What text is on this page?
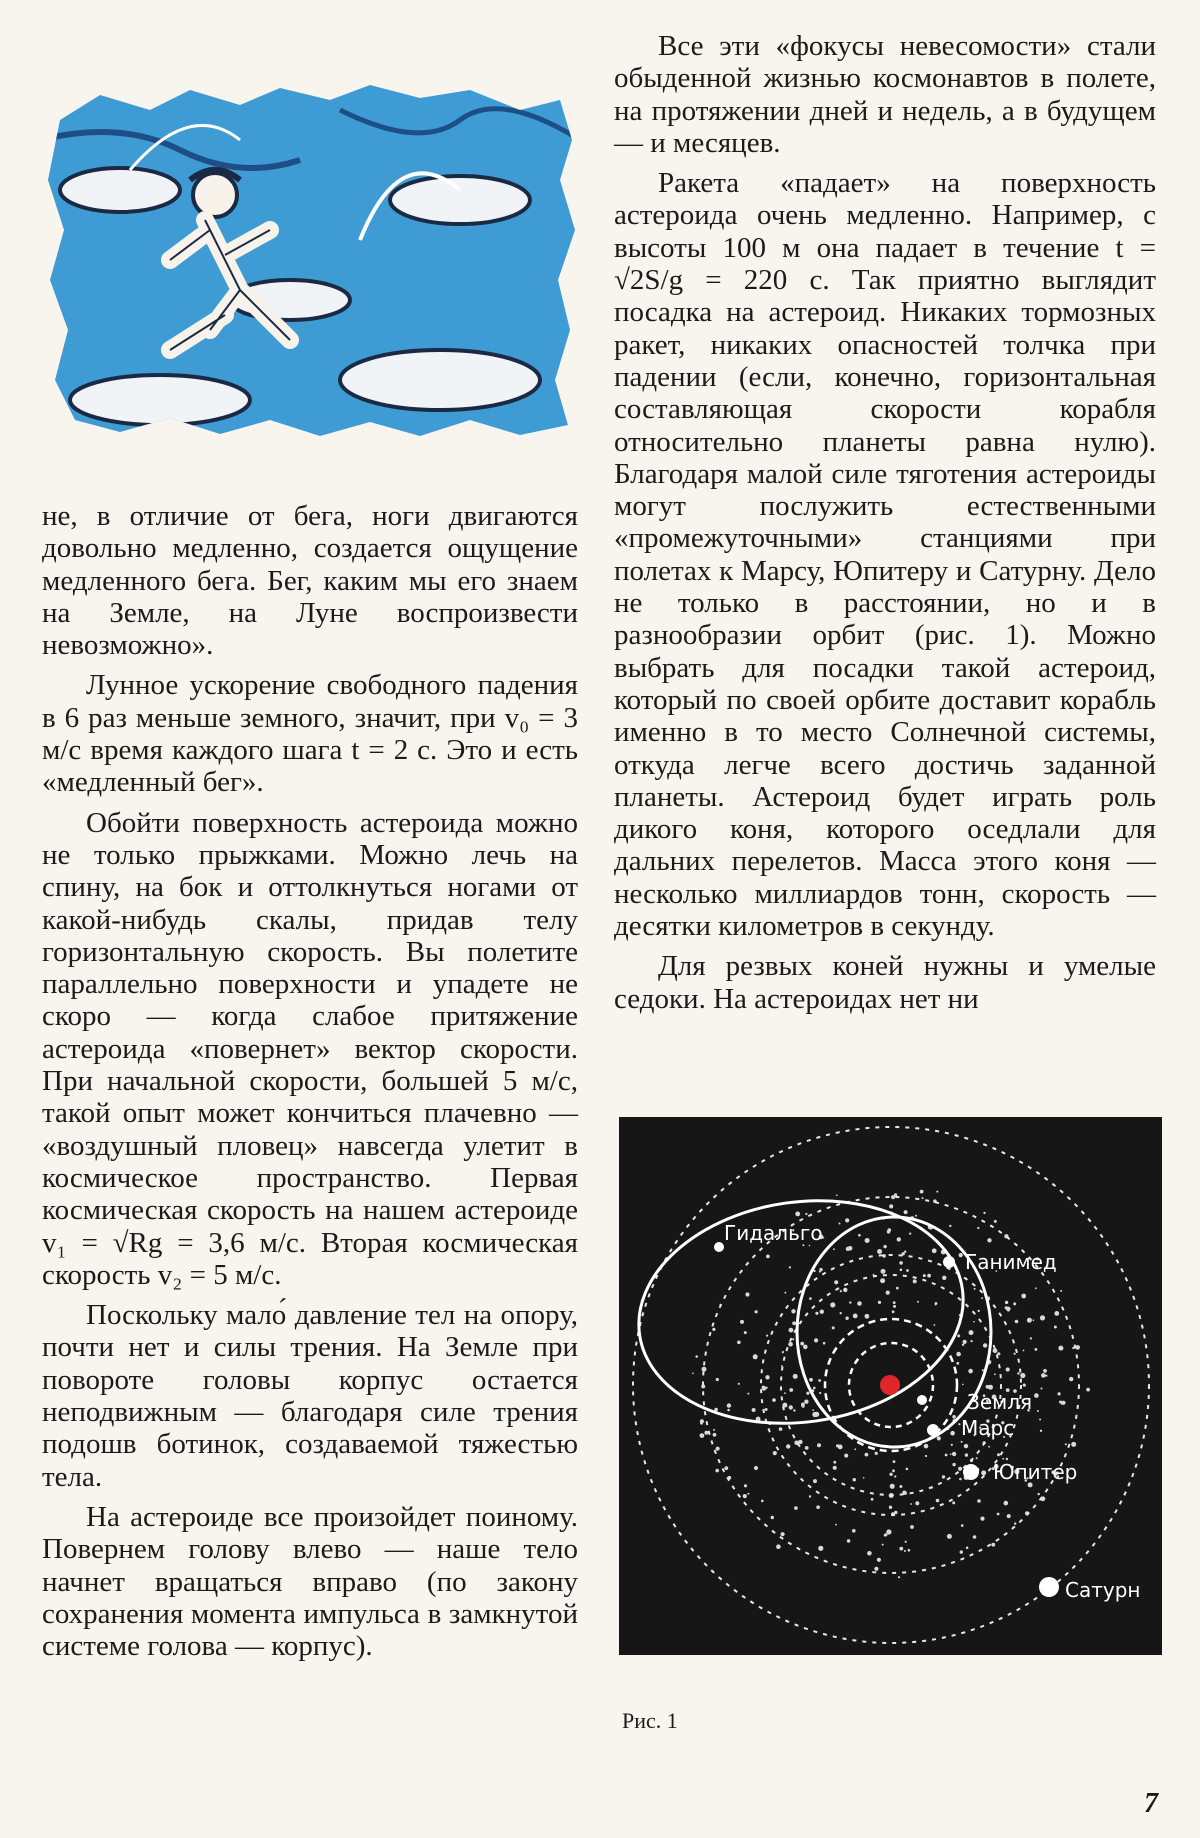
не, в отличие от бега, ноги двигаются довольно медленно, создается ощущение медленного бега. Бег, каким мы его знаем на Земле, на Луне воспроизвести невозможно».

Лунное ускорение свободного падения в 6 раз меньше земного, значит, при v₀ = 3 м/с время каждого шага t = 2 с. Это и есть «медленный бег».

Обойти поверхность астероида можно не только прыжками. Можно лечь на спину, на бок и оттолкнуться ногами от какой-нибудь скалы, придав телу горизонтальную скорость. Вы полетите параллельно поверхности и упадете не скоро — когда слабое притяжение астероида «повернет» вектор скорости. При начальной скорости, большей 5 м/с, такой опыт может кончиться плачевно — «воздушный пловец» навсегда улетит в космическое пространство. Первая космическая скорость на нашем астероиде v₁ = √Rg = 3,6 м/с. Вторая космическая скорость v₂ = 5 м/с.

Поскольку мало́ давление тел на опору, почти нет и силы трения. На Земле при повороте головы корпус остается неподвижным — благодаря силе трения подошв ботинок, создаваемой тяжестью тела.

На астероиде все произойдет поиному. Повернем голову влево — наше тело начнет вращаться вправо (по закону сохранения момента импульса в замкнутой системе голова — корпус).

Все эти «фокусы невесомости» стали обыденной жизнью космонавтов в полете, на протяжении дней и недель, а в будущем — и месяцев.

Ракета «падает» на поверхность астероида очень медленно. Например, с высоты 100 м она падает в течение t = √2S/g = 220 с. Так приятно выглядит посадка на астероид. Никаких тормозных ракет, никаких опасностей толчка при падении (если, конечно, горизонтальная составляющая скорости корабля относительно планеты равна нулю). Благодаря малой силе тяготения астероиды могут послужить естественными «промежуточными» станциями при полетах к Марсу, Юпитеру и Сатурну. Дело не только в расстоянии, но и в разнообразии орбит (рис. 1). Можно выбрать для посадки такой астероид, который по своей орбите доставит корабль именно в то место Солнечной системы, откуда легче всего достичь заданной планеты. Астероид будет играть роль дикого коня, которого оседлали для дальних перелетов. Масса этого коня — несколько миллиардов тонн, скорость — десятки километров в секунду.

Для резвых коней нужны и умелые седоки. На астероидах нет ни

Гидальго
Ганимед
Земля
Марс
Юпитер
Сатурн
Рис. 1
7
